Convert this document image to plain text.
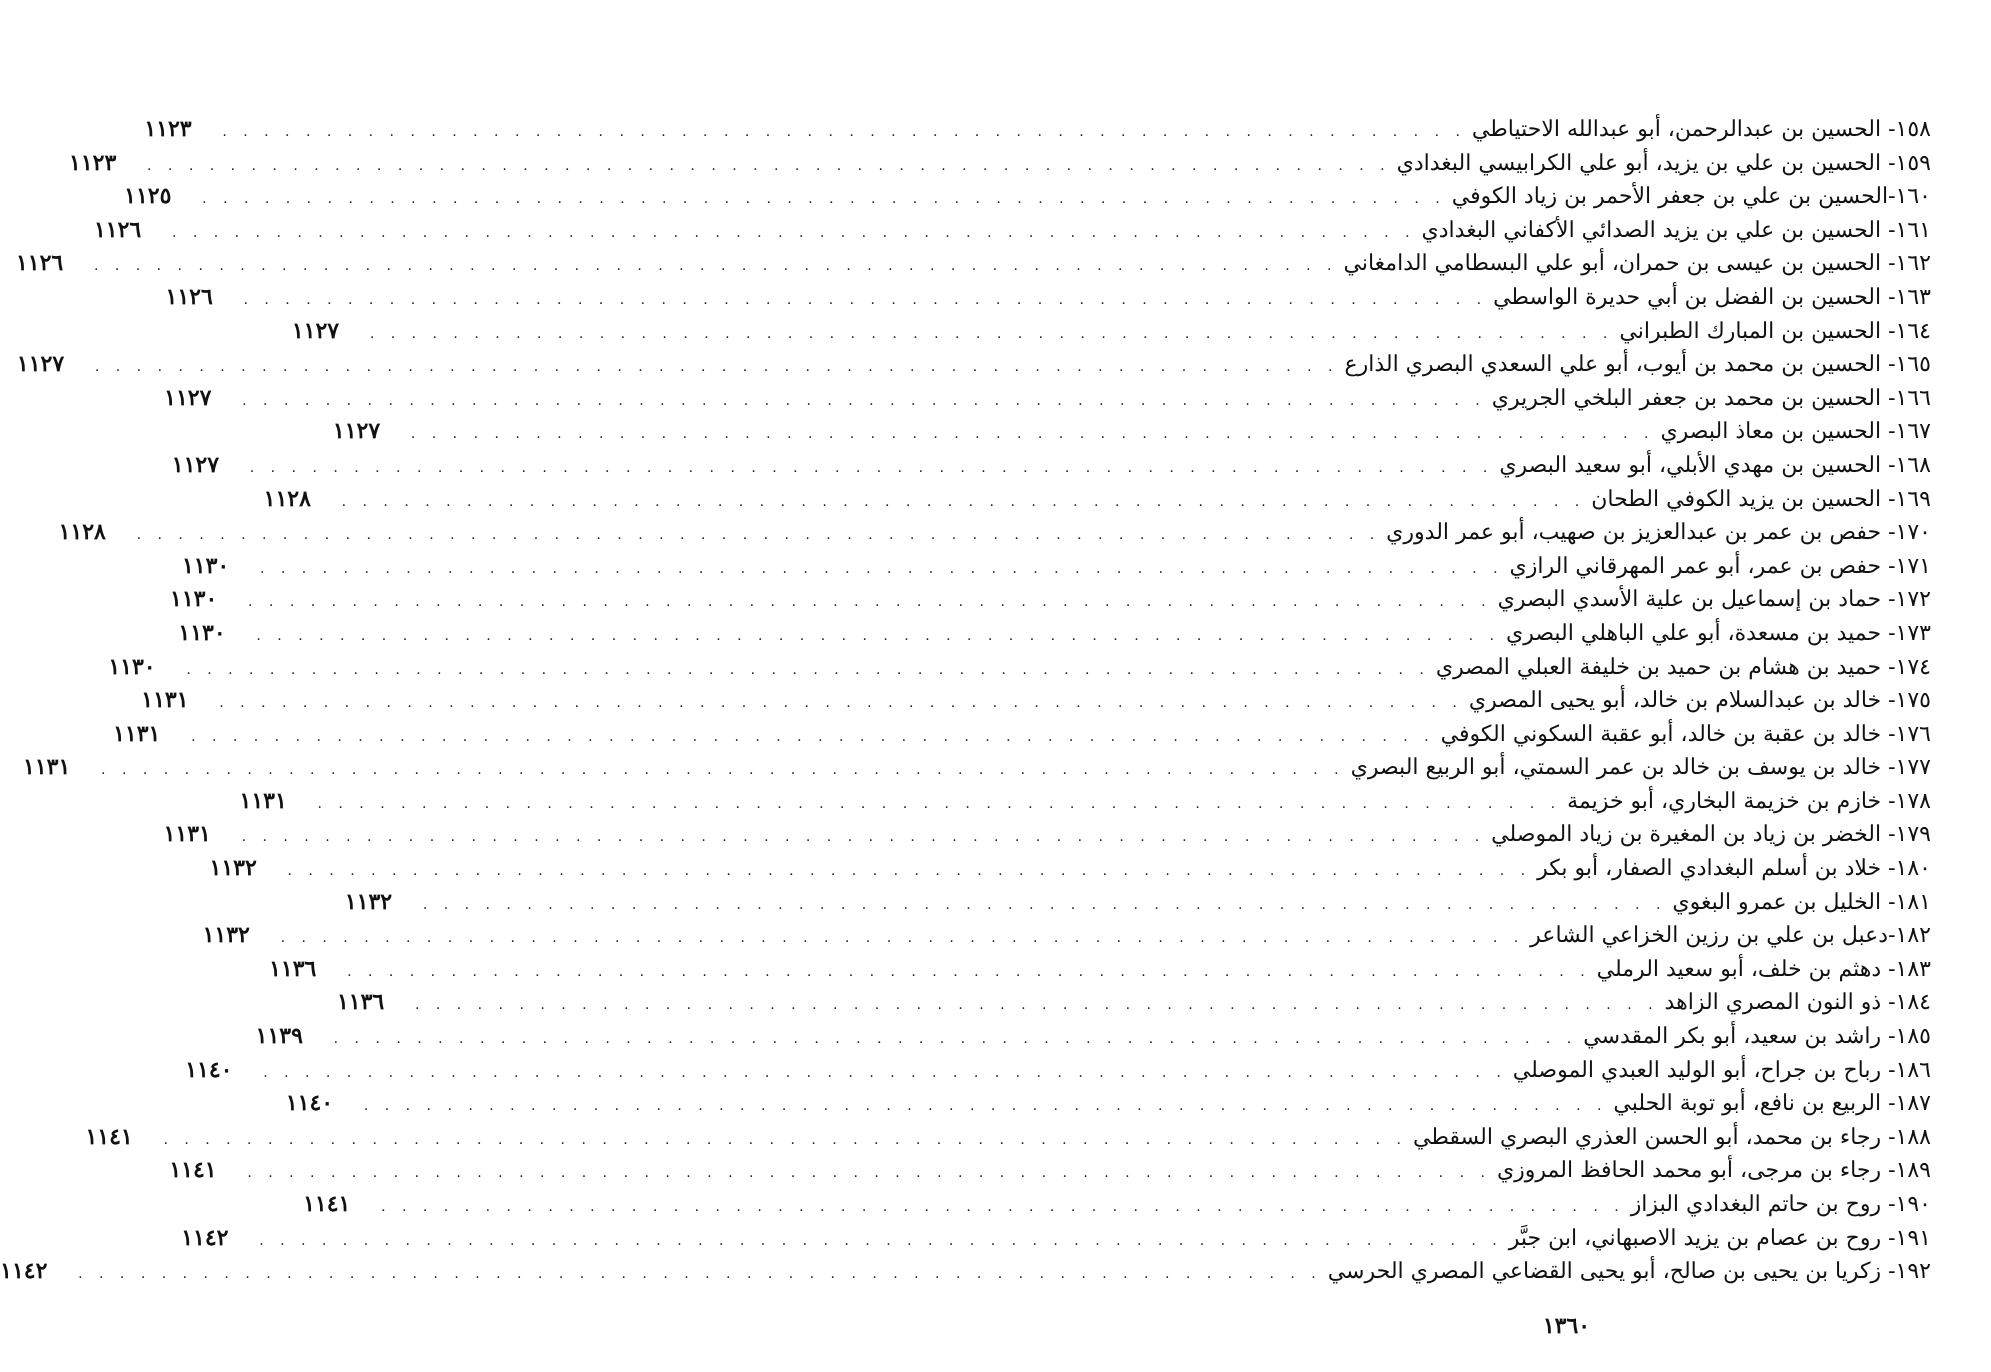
١٥٨- الحسين بن عبدالرحمن، أبو عبدالله الاحتياطي
. . . . . . . . . . . . . . . . . . . . . . . . . . . . . . . . . . . . . . . . . . . . . . . . . . . . . . . . . . . .
١١٢٣
١٥٩- الحسين بن علي بن يزيد، أبو علي الكرابيسي البغدادي
. . . . . . . . . . . . . . . . . . . . . . . . . . . . . . . . . . . . . . . . . . . . . . . . . . . . . . . . . . . .
١١٢٣
١٦٠-الحسين بن علي بن جعفر الأحمر بن زياد الكوفي
. . . . . . . . . . . . . . . . . . . . . . . . . . . . . . . . . . . . . . . . . . . . . . . . . . . . . . . . . . . .
١١٢٥
١٦١- الحسين بن علي بن يزيد الصدائي الأكفاني البغدادي
. . . . . . . . . . . . . . . . . . . . . . . . . . . . . . . . . . . . . . . . . . . . . . . . . . . . . . . . . . . .
١١٢٦
١٦٢- الحسين بن عيسى بن حمران، أبو علي البسطامي الدامغاني
. . . . . . . . . . . . . . . . . . . . . . . . . . . . . . . . . . . . . . . . . . . . . . . . . . . . . . . . . . . .
١١٢٦
١٦٣- الحسين بن الفضل بن أبي حديرة الواسطي
. . . . . . . . . . . . . . . . . . . . . . . . . . . . . . . . . . . . . . . . . . . . . . . . . . . . . . . . . . . .
١١٢٦
١٦٤- الحسين بن المبارك الطبراني
. . . . . . . . . . . . . . . . . . . . . . . . . . . . . . . . . . . . . . . . . . . . . . . . . . . . . . . . . . . .
١١٢٧
١٦٥- الحسين بن محمد بن أيوب، أبو علي السعدي البصري الذارع
. . . . . . . . . . . . . . . . . . . . . . . . . . . . . . . . . . . . . . . . . . . . . . . . . . . . . . . . . . . .
١١٢٧
١٦٦- الحسين بن محمد بن جعفر البلخي الجريري
. . . . . . . . . . . . . . . . . . . . . . . . . . . . . . . . . . . . . . . . . . . . . . . . . . . . . . . . . . . .
١١٢٧
١٦٧- الحسين بن معاذ البصري
. . . . . . . . . . . . . . . . . . . . . . . . . . . . . . . . . . . . . . . . . . . . . . . . . . . . . . . . . . . .
١١٢٧
١٦٨- الحسين بن مهدي الأبلي، أبو سعيد البصري
. . . . . . . . . . . . . . . . . . . . . . . . . . . . . . . . . . . . . . . . . . . . . . . . . . . . . . . . . . . .
١١٢٧
١٦٩- الحسين بن يزيد الكوفي الطحان
. . . . . . . . . . . . . . . . . . . . . . . . . . . . . . . . . . . . . . . . . . . . . . . . . . . . . . . . . . . .
١١٢٨
١٧٠- حفص بن عمر بن عبدالعزيز بن صهيب، أبو عمر الدوري
. . . . . . . . . . . . . . . . . . . . . . . . . . . . . . . . . . . . . . . . . . . . . . . . . . . . . . . . . . . .
١١٢٨
١٧١- حفص بن عمر، أبو عمر المهرقاني الرازي
. . . . . . . . . . . . . . . . . . . . . . . . . . . . . . . . . . . . . . . . . . . . . . . . . . . . . . . . . . . .
١١٣٠
١٧٢- حماد بن إسماعيل بن علية الأسدي البصري
. . . . . . . . . . . . . . . . . . . . . . . . . . . . . . . . . . . . . . . . . . . . . . . . . . . . . . . . . . . .
١١٣٠
١٧٣- حميد بن مسعدة، أبو علي الباهلي البصري
. . . . . . . . . . . . . . . . . . . . . . . . . . . . . . . . . . . . . . . . . . . . . . . . . . . . . . . . . . . .
١١٣٠
١٧٤- حميد بن هشام بن حميد بن خليفة العبلي المصري
. . . . . . . . . . . . . . . . . . . . . . . . . . . . . . . . . . . . . . . . . . . . . . . . . . . . . . . . . . . .
١١٣٠
١٧٥- خالد بن عبدالسلام بن خالد، أبو يحيى المصري
. . . . . . . . . . . . . . . . . . . . . . . . . . . . . . . . . . . . . . . . . . . . . . . . . . . . . . . . . . . .
١١٣١
١٧٦- خالد بن عقبة بن خالد، أبو عقبة السكوني الكوفي
. . . . . . . . . . . . . . . . . . . . . . . . . . . . . . . . . . . . . . . . . . . . . . . . . . . . . . . . . . . .
١١٣١
١٧٧- خالد بن يوسف بن خالد بن عمر السمتي، أبو الربيع البصري
. . . . . . . . . . . . . . . . . . . . . . . . . . . . . . . . . . . . . . . . . . . . . . . . . . . . . . . . . . . .
١١٣١
١٧٨- خازم بن خزيمة البخاري، أبو خزيمة
. . . . . . . . . . . . . . . . . . . . . . . . . . . . . . . . . . . . . . . . . . . . . . . . . . . . . . . . . . . .
١١٣١
١٧٩- الخضر بن زياد بن المغيرة بن زياد الموصلي
. . . . . . . . . . . . . . . . . . . . . . . . . . . . . . . . . . . . . . . . . . . . . . . . . . . . . . . . . . . .
١١٣١
١٨٠- خلاد بن أسلم البغدادي الصفار، أبو بكر
. . . . . . . . . . . . . . . . . . . . . . . . . . . . . . . . . . . . . . . . . . . . . . . . . . . . . . . . . . . .
١١٣٢
١٨١- الخليل بن عمرو البغوي
. . . . . . . . . . . . . . . . . . . . . . . . . . . . . . . . . . . . . . . . . . . . . . . . . . . . . . . . . . . .
١١٣٢
١٨٢-دعبل بن علي بن رزين الخزاعي الشاعر
. . . . . . . . . . . . . . . . . . . . . . . . . . . . . . . . . . . . . . . . . . . . . . . . . . . . . . . . . . . .
١١٣٢
١٨٣- دهثم بن خلف، أبو سعيد الرملي
. . . . . . . . . . . . . . . . . . . . . . . . . . . . . . . . . . . . . . . . . . . . . . . . . . . . . . . . . . . .
١١٣٦
١٨٤- ذو النون المصري الزاهد
. . . . . . . . . . . . . . . . . . . . . . . . . . . . . . . . . . . . . . . . . . . . . . . . . . . . . . . . . . . .
١١٣٦
١٨٥- راشد بن سعيد، أبو بكر المقدسي
. . . . . . . . . . . . . . . . . . . . . . . . . . . . . . . . . . . . . . . . . . . . . . . . . . . . . . . . . . . .
١١٣٩
١٨٦- رباح بن جراح، أبو الوليد العبدي الموصلي
. . . . . . . . . . . . . . . . . . . . . . . . . . . . . . . . . . . . . . . . . . . . . . . . . . . . . . . . . . . .
١١٤٠
١٨٧- الربيع بن نافع، أبو توبة الحلبي
. . . . . . . . . . . . . . . . . . . . . . . . . . . . . . . . . . . . . . . . . . . . . . . . . . . . . . . . . . . .
١١٤٠
١٨٨- رجاء بن محمد، أبو الحسن العذري البصري السقطي
. . . . . . . . . . . . . . . . . . . . . . . . . . . . . . . . . . . . . . . . . . . . . . . . . . . . . . . . . . . .
١١٤١
١٨٩- رجاء بن مرجى، أبو محمد الحافظ المروزي
. . . . . . . . . . . . . . . . . . . . . . . . . . . . . . . . . . . . . . . . . . . . . . . . . . . . . . . . . . . .
١١٤١
١٩٠- روح بن حاتم البغدادي البزاز
. . . . . . . . . . . . . . . . . . . . . . . . . . . . . . . . . . . . . . . . . . . . . . . . . . . . . . . . . . . .
١١٤١
١٩١- روح بن عصام بن يزيد الاصبهاني، ابن جبَّر
. . . . . . . . . . . . . . . . . . . . . . . . . . . . . . . . . . . . . . . . . . . . . . . . . . . . . . . . . . . .
١١٤٢
١٩٢- زكريا بن يحيى بن صالح، أبو يحيى القضاعي المصري الحرسي
. . . . . . . . . . . . . . . . . . . . . . . . . . . . . . . . . . . . . . . . . . . . . . . . . . . . . . . . . . . .
١١٤٢
١٣٦٠
